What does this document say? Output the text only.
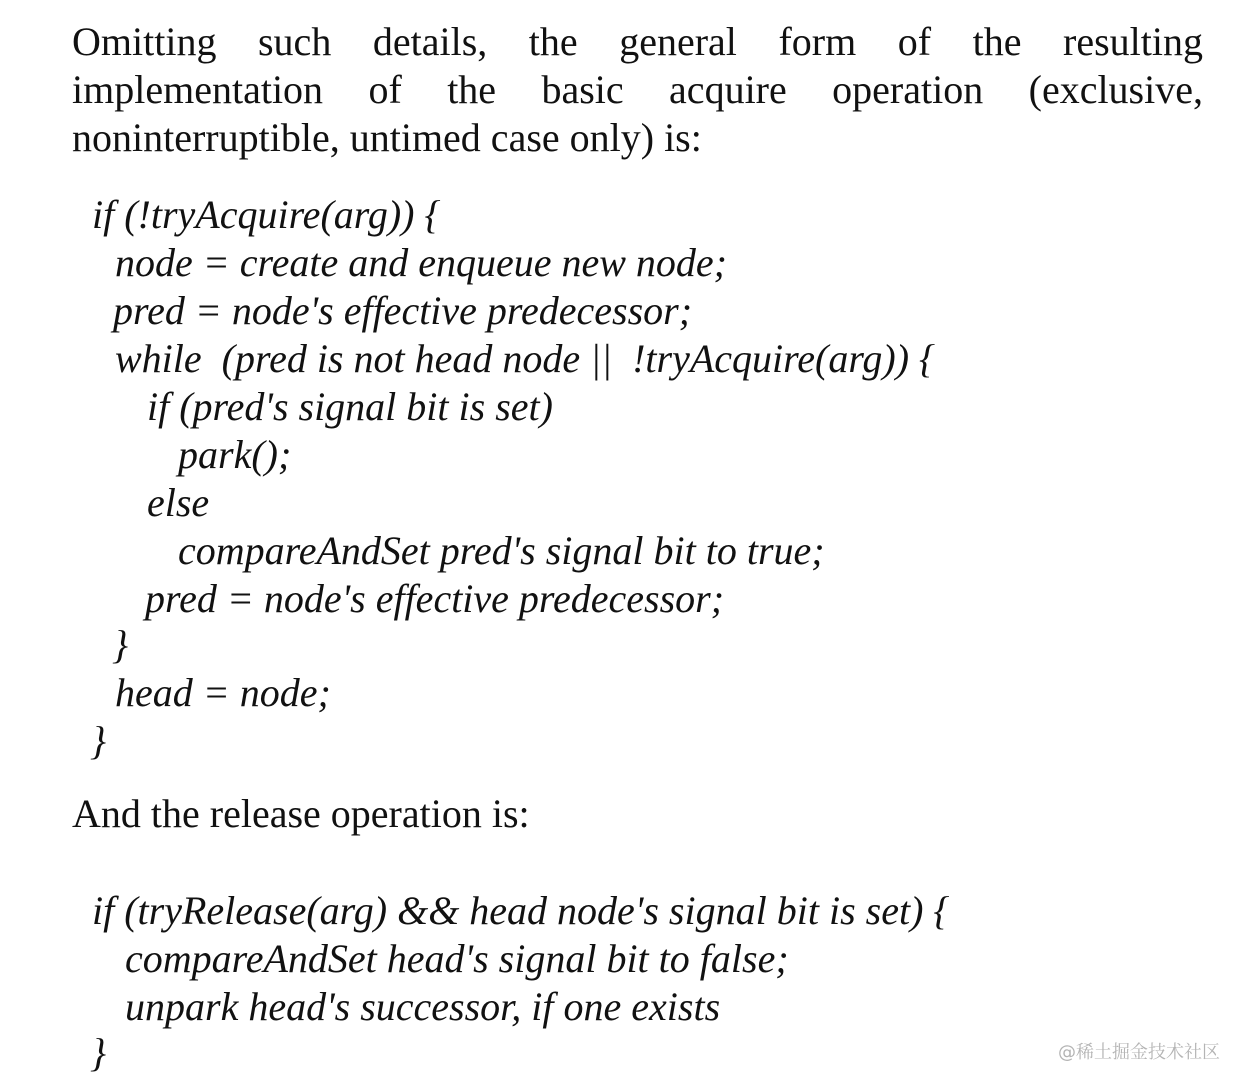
Omitting such details, the general form of the resulting
implementation of the basic acquire operation (exclusive,
noninterruptible, untimed case only) is:

if (!tryAcquire(arg)) {

node = create and enqueue new node;

pred = node's effective predecessor;

while  (pred is not head node ||  !tryAcquire(arg)) {

if (pred's signal bit is set)

park();

else

compareAndSet pred's signal bit to true;

pred = node's effective predecessor;

}

head = node;

}

And the release operation is:

if (tryRelease(arg) && head node's signal bit is set) {

compareAndSet head's signal bit to false;

unpark head's successor, if one exists

}	@稀土掘金技术社区
